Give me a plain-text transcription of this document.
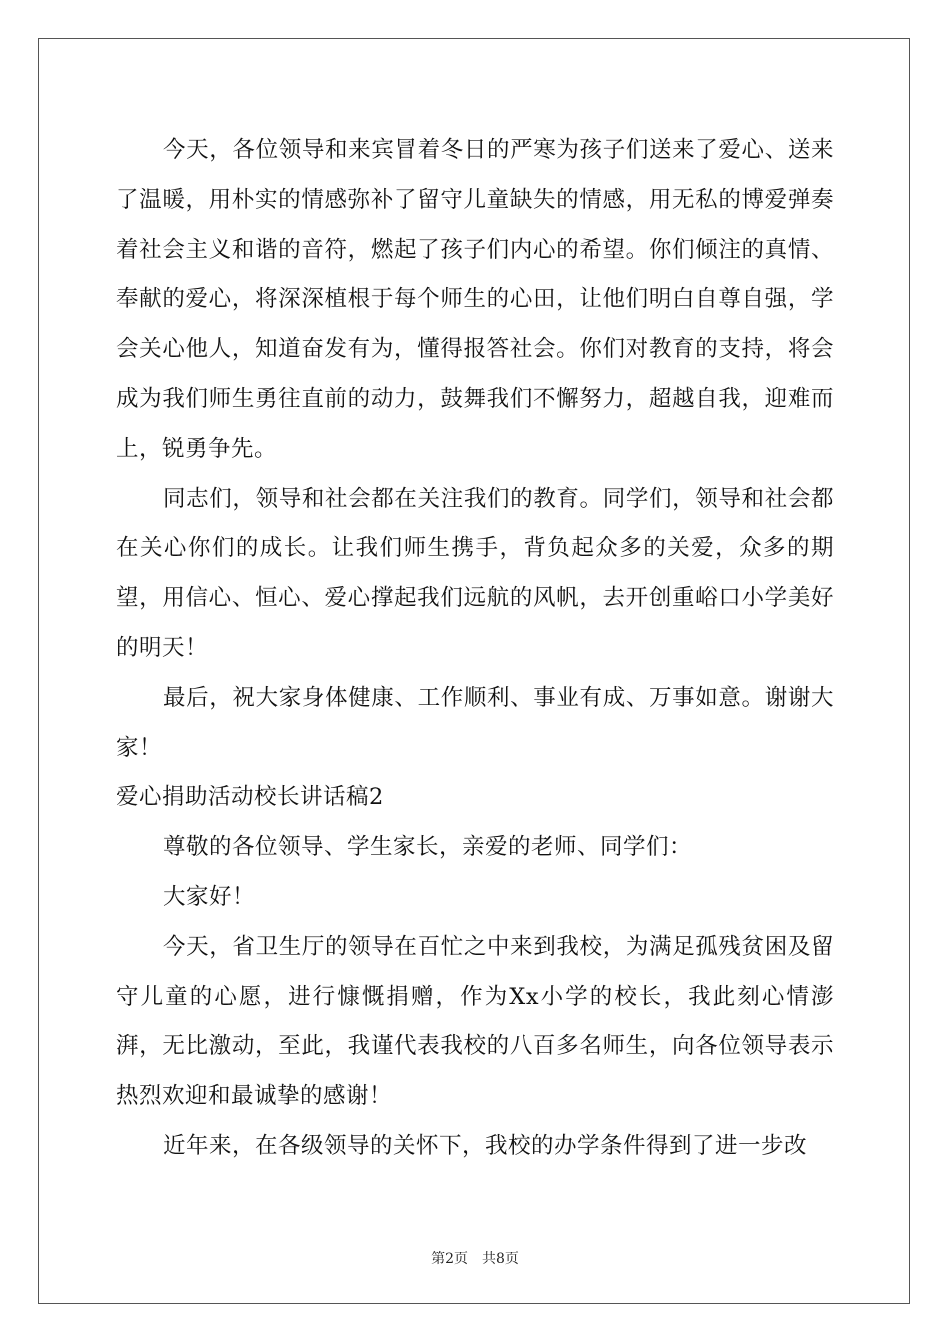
今天，各位领导和来宾冒着冬日的严寒为孩子们送来了爱心、送来了温暖，用朴实的情感弥补了留守儿童缺失的情感，用无私的博爱弹奏着社会主义和谐的音符，燃起了孩子们内心的希望。你们倾注的真情、奉献的爱心，将深深植根于每个师生的心田，让他们明白自尊自强，学会关心他人，知道奋发有为，懂得报答社会。你们对教育的支持，将会成为我们师生勇往直前的动力，鼓舞我们不懈努力，超越自我，迎难而上，锐勇争先。

同志们，领导和社会都在关注我们的教育。同学们，领导和社会都在关心你们的成长。让我们师生携手，背负起众多的关爱，众多的期望，用信心、恒心、爱心撑起我们远航的风帆，去开创重峪口小学美好的明天！

最后，祝大家身体健康、工作顺利、事业有成、万事如意。谢谢大家！

爱心捐助活动校长讲话稿2

尊敬的各位领导、学生家长，亲爱的老师、同学们：

大家好！

今天，省卫生厅的领导在百忙之中来到我校，为满足孤残贫困及留守儿童的心愿，进行慷慨捐赠，作为Xx小学的校长，我此刻心情澎湃，无比激动，至此，我谨代表我校的八百多名师生，向各位领导表示热烈欢迎和最诚挚的感谢！

近年来，在各级领导的关怀下，我校的办学条件得到了进一步改

第2页　共8页
